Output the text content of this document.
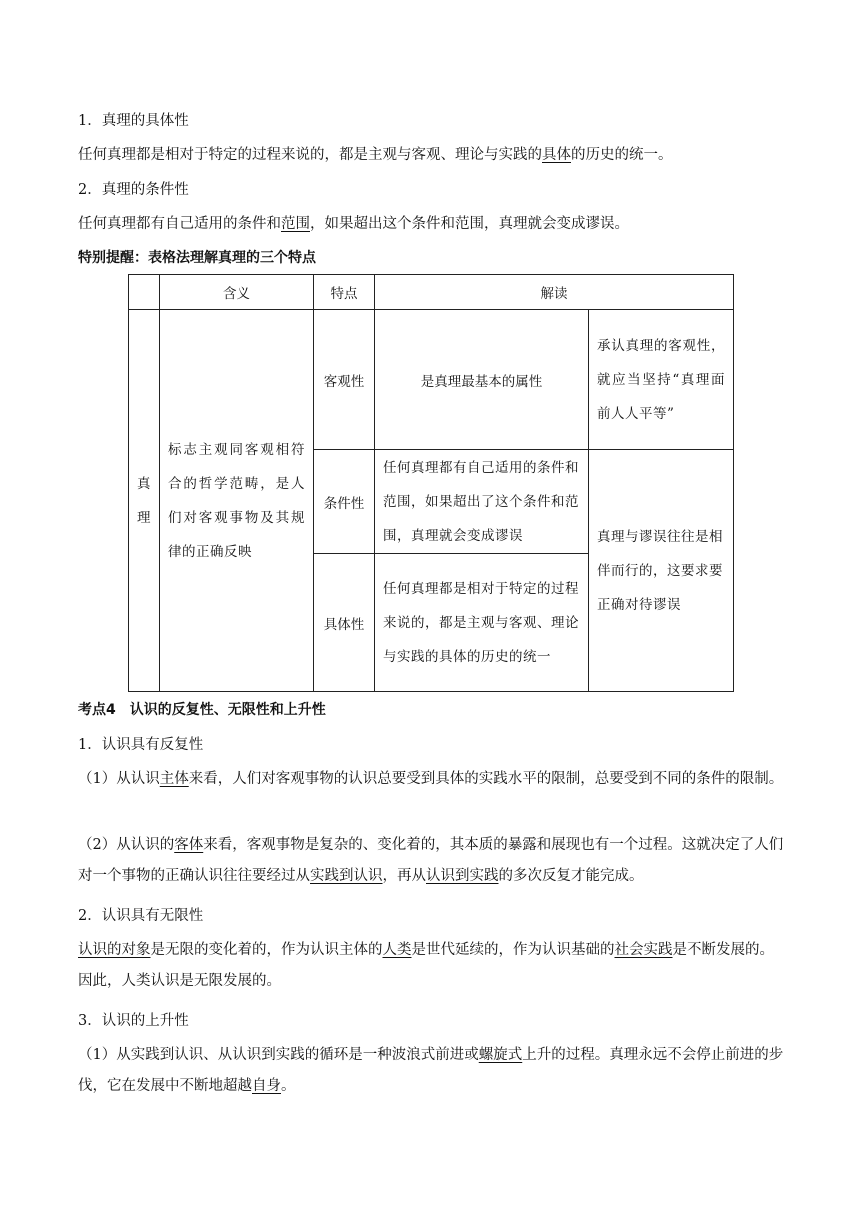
1．真理的具体性
任何真理都是相对于特定的过程来说的，都是主观与客观、理论与实践的具体的历史的统一。
2．真理的条件性
任何真理都有自己适用的条件和范围，如果超出这个条件和范围，真理就会变成谬误。
特别提醒：表格法理解真理的三个特点
	含义	特点	解读	
真理	标志主观同客观相符合的哲学范畴，是人们对客观事物及其规律的正确反映	客观性	是真理最基本的属性	承认真理的客观性，就应当坚持“真理面前人人平等”
		条件性	任何真理都有自己适用的条件和范围，如果超出了这个条件和范围，真理就会变成谬误	真理与谬误往往是相伴而行的，这要求要正确对待谬误
		具体性	任何真理都是相对于特定的过程来说的，都是主观与客观、理论与实践的具体的历史的统一	
考点4　认识的反复性、无限性和上升性
1．认识具有反复性
（1）从认识主体来看，人们对客观事物的认识总要受到具体的实践水平的限制，总要受到不同的条件的限制。
（2）从认识的客体来看，客观事物是复杂的、变化着的，其本质的暴露和展现也有一个过程。这就决定了人们对一个事物的正确认识往往要经过从实践到认识，再从认识到实践的多次反复才能完成。
2．认识具有无限性
认识的对象是无限的变化着的，作为认识主体的人类是世代延续的，作为认识基础的社会实践是不断发展的。因此，人类认识是无限发展的。
3．认识的上升性
（1）从实践到认识、从认识到实践的循环是一种波浪式前进或螺旋式上升的过程。真理永远不会停止前进的步伐，它在发展中不断地超越自身。
